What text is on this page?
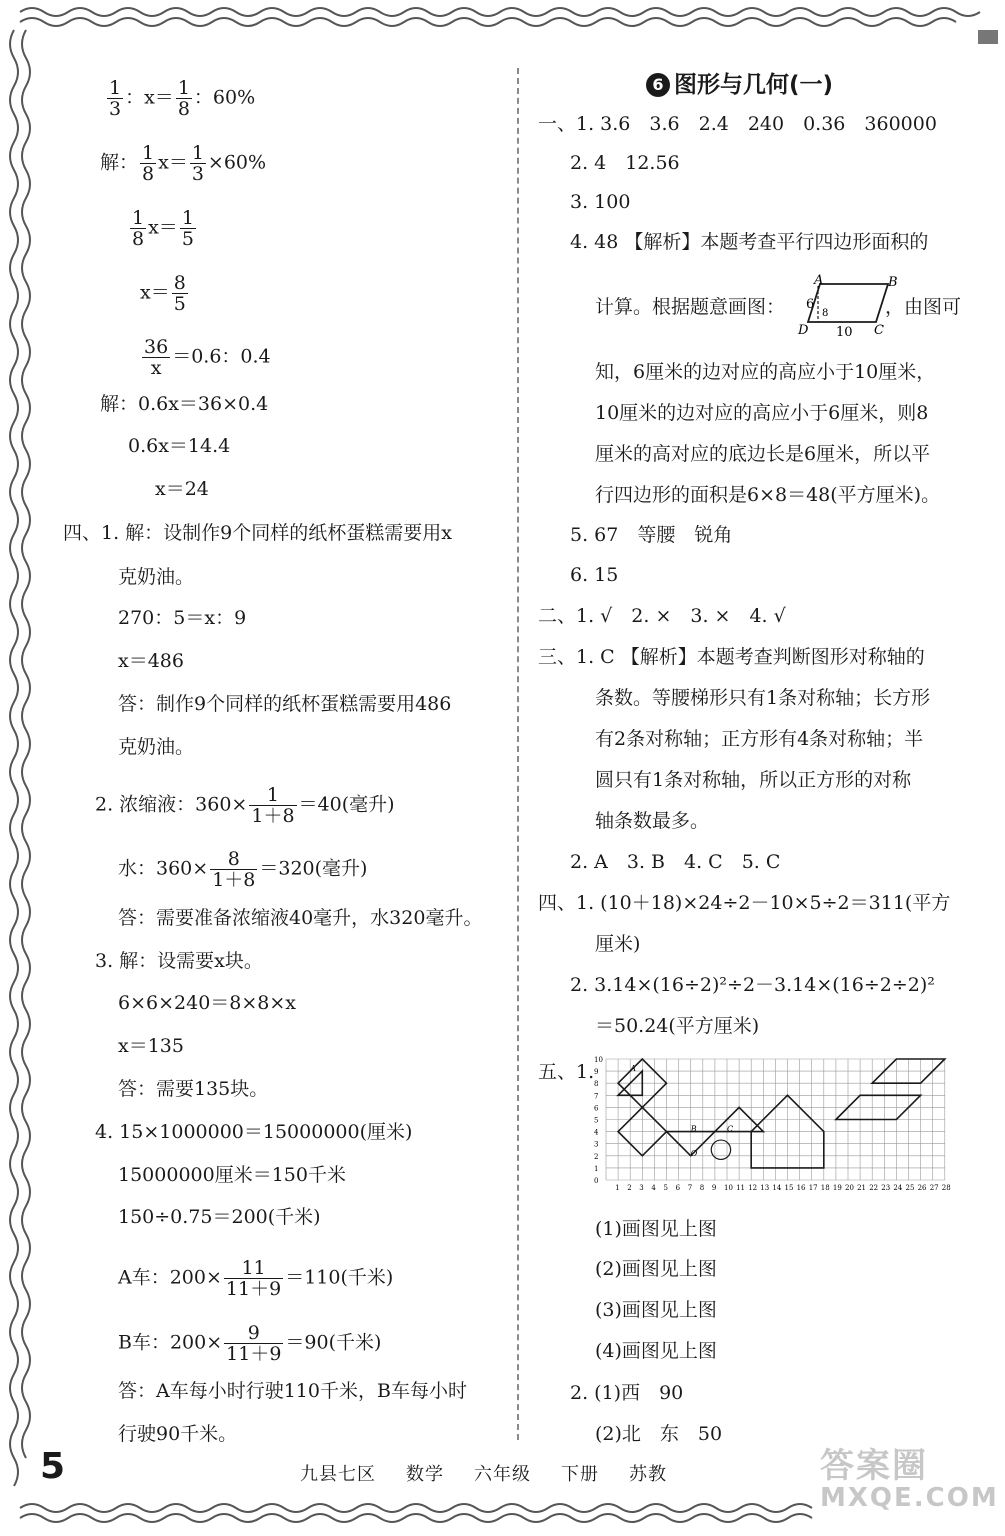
$\frac{1}{3}$ ：$x= \frac{1}{8}$ ：60%
解： $\frac{1}{8} x= \frac{1}{3} \times 60\%$
$\frac{1}{8} x= \frac{1}{5}$
$x= \frac{8}{5}$
$\frac{36}{x} =0.6$：0.4
解：0.6x＝36×0.4
0.6x＝14.4
x＝24
四、1. 解：设制作9个同样的纸杯蛋糕需要用x
克奶油。
270：5＝x：9
x＝486
答：制作9个同样的纸杯蛋糕需要用486
克奶油。
2. 浓缩液：$360\times \frac{1}{1+8} =40$(毫升)
水：$360\times \frac{8}{1+8} =320$(毫升)
答：需要准备浓缩液40毫升，水320毫升。
3. 解：设需要x块。
6×6×240＝8×8×x
x＝135
答：需要135块。
4. 15×1000000＝15000000(厘米)
15000000厘米＝150千米
150÷0.75＝200(千米)
A车：$200\times \frac{11}{11+9} =110$(千米)
B车：$200\times \frac{9}{11+9} =90$(千米)
答：A车每小时行驶110千米，B车每小时
行驶90千米。
6 图形与几何(一)
一、1. 3.6　3.6　2.4　240　0.36　360000
2. 4　12.56
3. 100
4. 48 【解析】本题考查平行四边形面积的
计算。根据题意画图：	，由图可
A	B
C
D
6
8
10
知，6厘米的边对应的高应小于10厘米，
10厘米的边对应的高应小于6厘米，则8
厘米的高对应的底边长是6厘米，所以平
行四边形的面积是6×8＝48(平方厘米)。
5. 67　等腰　锐角
6. 15
二、1. √　2. ×　3. ×　4. √
三、1. C 【解析】本题考查判断图形对称轴的
条数。等腰梯形只有1条对称轴；长方形
有2条对称轴；正方形有4条对称轴；半
圆只有1条对称轴，所以正方形的对称
轴条数最多。
2. A　3. B　4. C　5. C
四、1. (10＋18)×24÷2－10×5÷2＝311(平方
厘米)
2. 3.14×(16÷2)²÷2－3.14×(16÷2÷2)²
＝50.24(平方厘米)
五、1.
1 2 3 4 5 6 7 8 9 10 11 12 13 14 15 16 17 18 19 20 21 22 23 24 25 26 27 28
0
1
2
3
4
5
6
7
8
9
10
A
B	C
O
(1)画图见上图
(2)画图见上图
(3)画图见上图
(4)画图见上图
2. (1)西　90
(2)北　东　50
5	九县七区 数学 六年级 下册 苏教	答案圈
MXQE.COM
